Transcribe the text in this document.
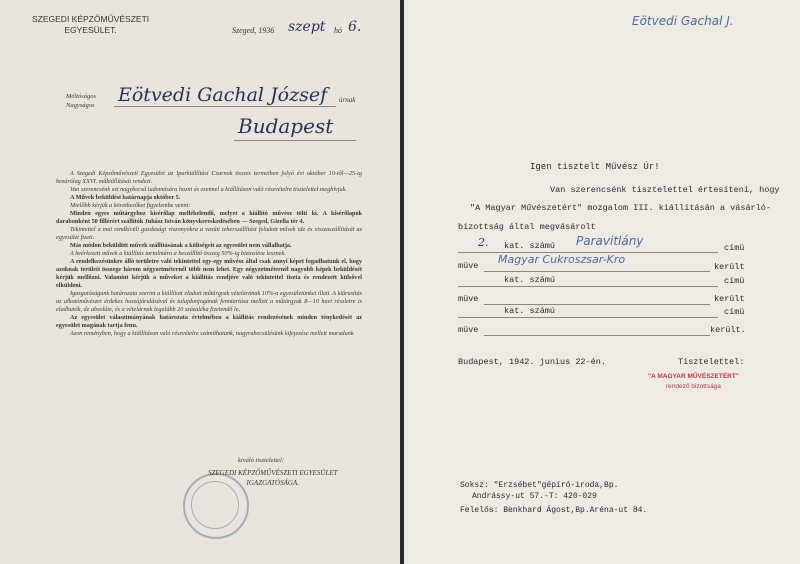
SZEGEDI KÉPZŐMŰVÉSZETI
EGYESÜLET.	Szeged, 1936 szept hó 6.
Méltóságos
Nagyságos Eötvedi Gachal József úrnak
Budapest

A Szegedi Képzőművészeti Egyesület az Iparkiállítási Csarnok összes termeiben folyó évi október 10-től—25-ig bezárólag XXVI. műkiállítását rendezi.

Van szerencsénk ezt nagybecsű tudomására hozni és ezennel a kiállításon való részvételre tisztelettel meghívjuk.

A Művek beküldési határnapja október 5.

Mielőbb kérjük a következőket figyelembe venni:

Minden egyes műtárgyhoz kísérőlap mellékelendő, melyet a kiállító művész tölti ki. A kísérőlapok darabonként 50 fillérért szállítók Juhász István könyvkereskedésében — Szeged, Gizella tér 4.

Tekintettel a mai rendkívüli gazdasági viszonyokra a vasúti teherszállítást feladott művek ide és visszaszállítását az egyesület fizeti.

Más módon beküldött művek szállításának a költségeit az egyesület nem vállalhatja.

A beérkezett művek a kiállítás tartalmára a beszállító összeg 50%-ig biztosítva lesznek.

A rendelkezésünkre álló területre való tekintettel egy-egy művész által csak annyi képet fogadhatunk el, hogy azoknak területi összege három négyzetméternél több nem lehet. Egy négyzetméternél nagyobb képek beküldését kérjük mellőzni. Valamint kérjük a műveket a kiállítás rendjére való tekintettel tiszta és rendezett külsővel elküldeni.

Igazgatóságunk határozata szerint a kiállított eladott műtárgyak vételárának 10%-a egyesületünket illeti. A kiárusítás az alkotóművészet érdekes hozzájárulásával és tulajdonjogának fenntartása mellett a műtárgyak 8—10 havi részletre is eladhatók, de absolúte, és a vételárnak legalább 20 százaléka fizetendő le.

Az egyesület választmányának határozata értelmében a kiállítás rendezésének minden ténykedését az egyesület magának tartja fenn.

Azon reményben, hogy a kiállításon való részvételre számíthatunk, nagyrabecsülésünk kifejezése mellett maradunk

kiváló tisztelettel:
SZEGEDI KÉPZŐMŰVÉSZETI EGYESÜLET
IGAZGATÓSÁGA.
Eötvedi Gachal J.
Igen tisztelt Művész Úr!
Van szerencsénk tisztelettel értesíteni, hogy
"A Magyar Művészetért" mozgalom III. kiállításán a vásárló-
bizottság által megvásárolt
2. kat. számú Paravitlány	címü
müve Magyar Cukroszsar-Kro
került
kat. számú	címü
müve	került
kat. számú	címü
müve	került.
Budapest, 1942. junius 22-én.	Tisztelettel:
"A MAGYAR MŰVÉSZETÉRT"
rendező bizottsága
Soksz: "Erzsébet"gépíró-iroda,Bp.
Andrássy-ut 57.-T: 420-029
Felelős: Benkhard Ágost,Bp.Aréna-ut 84.
